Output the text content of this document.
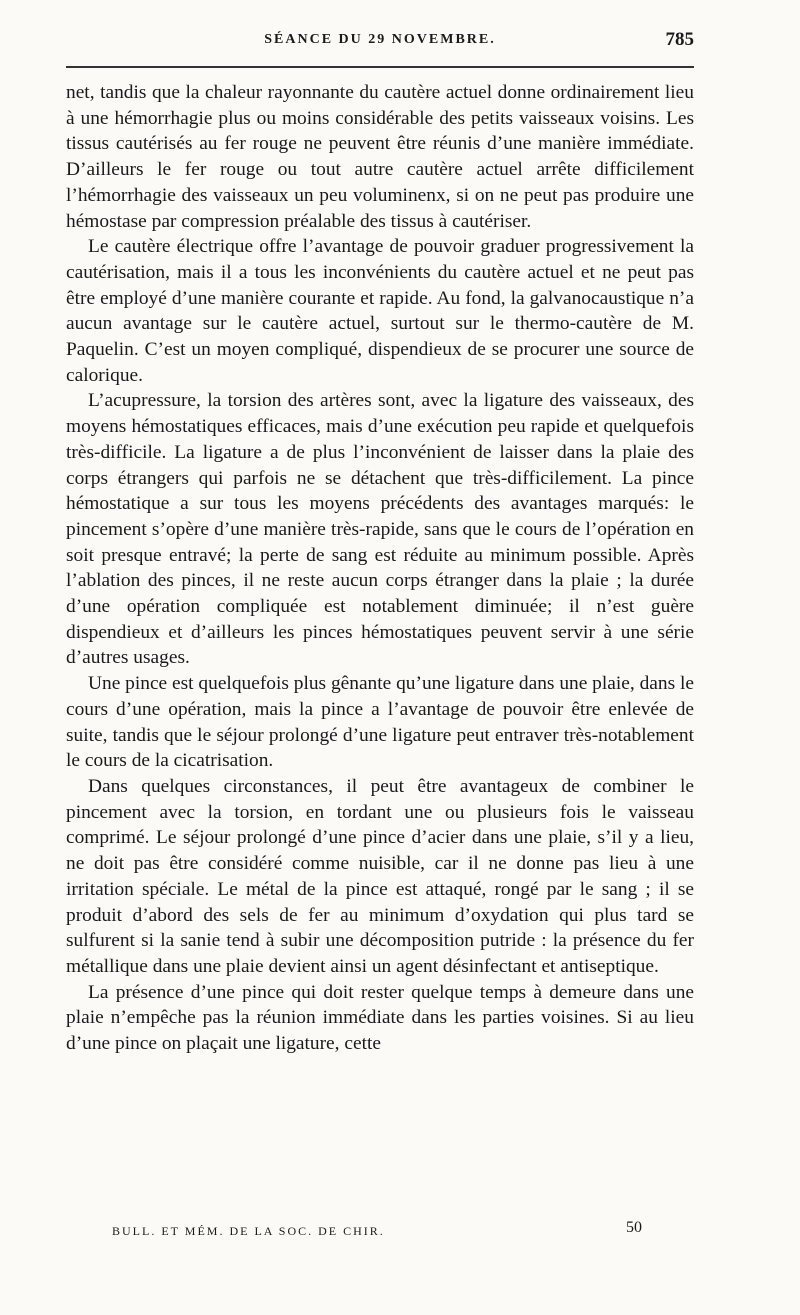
SÉANCE DU 29 NOVEMBRE.	785

net, tandis que la chaleur rayonnante du cautère actuel donne ordinairement lieu à une hémorrhagie plus ou moins considérable des petits vaisseaux voisins. Les tissus cautérisés au fer rouge ne peuvent être réunis d’une manière immédiate. D’ailleurs le fer rouge ou tout autre cautère actuel arrête difficilement l’hémorrhagie des vaisseaux un peu voluminenx, si on ne peut pas produire une hémostase par compression préalable des tissus à cautériser.

Le cautère électrique offre l’avantage de pouvoir graduer progressivement la cautérisation, mais il a tous les inconvénients du cautère actuel et ne peut pas être employé d’une manière courante et rapide. Au fond, la galvanocaustique n’a aucun avantage sur le cautère actuel, surtout sur le thermo-cautère de M. Paquelin. C’est un moyen compliqué, dispendieux de se procurer une source de calorique.

L’acupressure, la torsion des artères sont, avec la ligature des vaisseaux, des moyens hémostatiques efficaces, mais d’une exécution peu rapide et quelquefois très-difficile. La ligature a de plus l’inconvénient de laisser dans la plaie des corps étrangers qui parfois ne se détachent que très-difficilement. La pince hémostatique a sur tous les moyens précédents des avantages marqués: le pincement s’opère d’une manière très-rapide, sans que le cours de l’opération en soit presque entravé; la perte de sang est réduite au minimum possible. Après l’ablation des pinces, il ne reste aucun corps étranger dans la plaie ; la durée d’une opération compliquée est notablement diminuée; il n’est guère dispendieux et d’ailleurs les pinces hémostatiques peuvent servir à une série d’autres usages.

Une pince est quelquefois plus gênante qu’une ligature dans une plaie, dans le cours d’une opération, mais la pince a l’avantage de pouvoir être enlevée de suite, tandis que le séjour prolongé d’une ligature peut entraver très-notablement le cours de la cicatrisation.

Dans quelques circonstances, il peut être avantageux de combiner le pincement avec la torsion, en tordant une ou plusieurs fois le vaisseau comprimé. Le séjour prolongé d’une pince d’acier dans une plaie, s’il y a lieu, ne doit pas être considéré comme nuisible, car il ne donne pas lieu à une irritation spéciale. Le métal de la pince est attaqué, rongé par le sang ; il se produit d’abord des sels de fer au minimum d’oxydation qui plus tard se sulfurent si la sanie tend à subir une décomposition putride : la présence du fer métallique dans une plaie devient ainsi un agent désinfectant et antiseptique.

La présence d’une pince qui doit rester quelque temps à demeure dans une plaie n’empêche pas la réunion immédiate dans les parties voisines. Si au lieu d’une pince on plaçait une ligature, cette

BULL. ET MÉM. DE LA SOC. DE CHIR.	50
